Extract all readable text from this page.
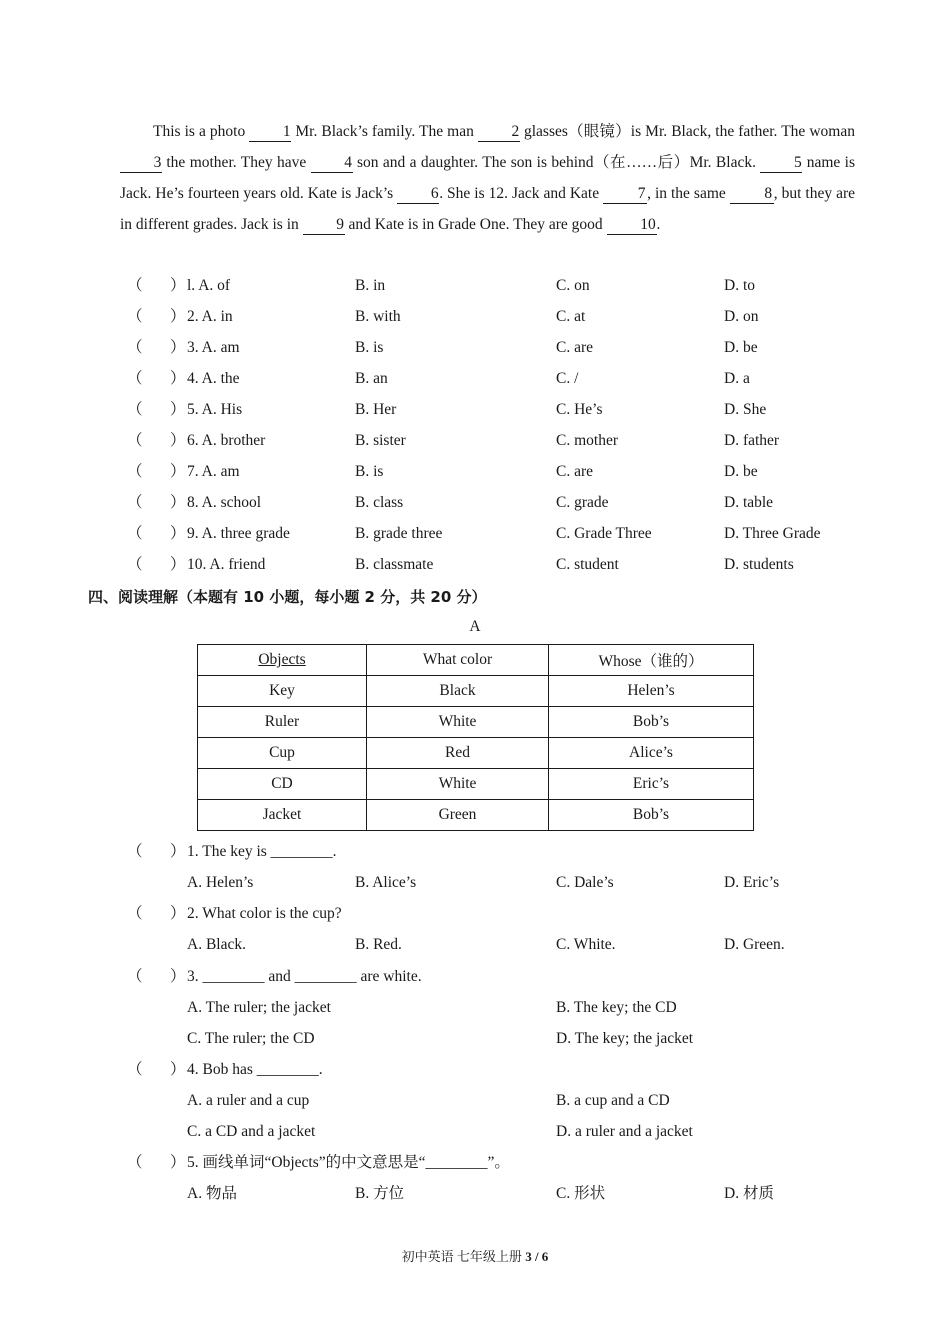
This is a photo 1 Mr. Black’s family. The man 2 glasses（眼镜）is Mr. Black, the father. The woman 3 the mother. They have 4 son and a daughter. The son is behind（在……后）Mr. Black. 5 name is Jack. He’s fourteen years old. Kate is Jack’s 6. She is 12. Jack and Kate 7 , in the same 8 , but they are in different grades. Jack is in 9 and Kate is in Grade One. They are good 10.

（ ） l. A. of	B. in	C. on	D. to
（ ） 2. A. in	B. with	C. at	D. on
（ ） 3. A. am	B. is	C. are	D. be
（ ） 4. A. the	B. an	C. /	D. a
（ ） 5. A. His	B. Her	C. He’s	D. She
（ ） 6. A. brother	B. sister	C. mother	D. father
（ ） 7. A. am	B. is	C. are	D. be
（ ） 8. A. school	B. class	C. grade	D. table
（ ） 9. A. three grade	B. grade three	C. Grade Three	D. Three Grade
（ ） 10. A. friend	B. classmate	C. student	D. students
四、阅读理解（本题有 10 小题，每小题 2 分，共 20 分）
A
Objects	What color	Whose（谁的）
Key	Black	Helen’s
Ruler	White	Bob’s
Cup	Red	Alice’s
CD	White	Eric’s
Jacket	Green	Bob’s
（ ） 1. The key is ________.
A. Helen’s	B. Alice’s	C. Dale’s	D. Eric’s
（ ） 2. What color is the cup?
A. Black.	B. Red.	C. White.	D. Green.
（ ） 5. 画线单词“Objects”的中文意思是“________”。
A. 物品	B. 方位	C. 形状	D. 材质
（ ） 3. ________ and ________ are white.
A. The ruler; the jacket	B. The key; the CD
C. The ruler; the CD	D. The key; the jacket
（ ） 4. Bob has ________.
A. a ruler and a cup	B. a cup and a CD
C. a CD and a jacket	D. a ruler and a jacket
初中英语 七年级上册 3 / 6
